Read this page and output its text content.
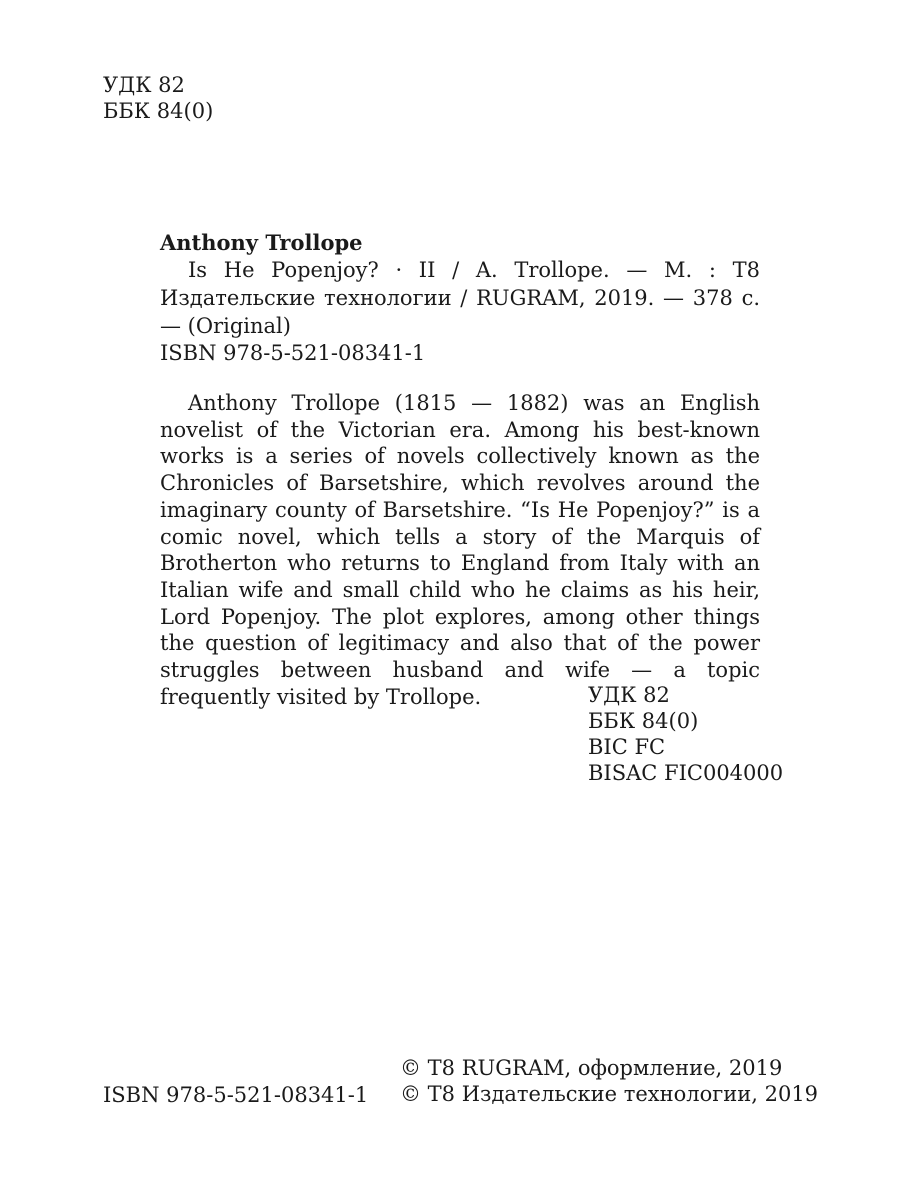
УДК 82
ББК 84(0)
Anthony Trollope

Is He Popenjoy? · II / A. Trollope. — М. : T8 Издательские технологии / RUGRAM, 2019. — 378 с. — (Original)

ISBN 978-5-521-08341-1

Anthony Trollope (1815 — 1882) was an English novelist of the Victorian era. Among his best-known works is a series of novels collectively known as the Chronicles of Barsetshire, which revolves around the imaginary county of Barsetshire. “Is He Popenjoy?” is a comic novel, which tells a story of the Marquis of Brotherton who returns to England from Italy with an Italian wife and small child who he claims as his heir, Lord Popenjoy. The plot explores, among other things the question of legitimacy and also that of the power struggles between husband and wife — a topic frequently visited by Trollope.	УДК 82
ББК 84(0)
BIC FC
BISAC FIC004000
ISBN 978-5-521-08341-1
© T8 RUGRAM, оформление, 2019
© T8 Издательские технологии, 2019
